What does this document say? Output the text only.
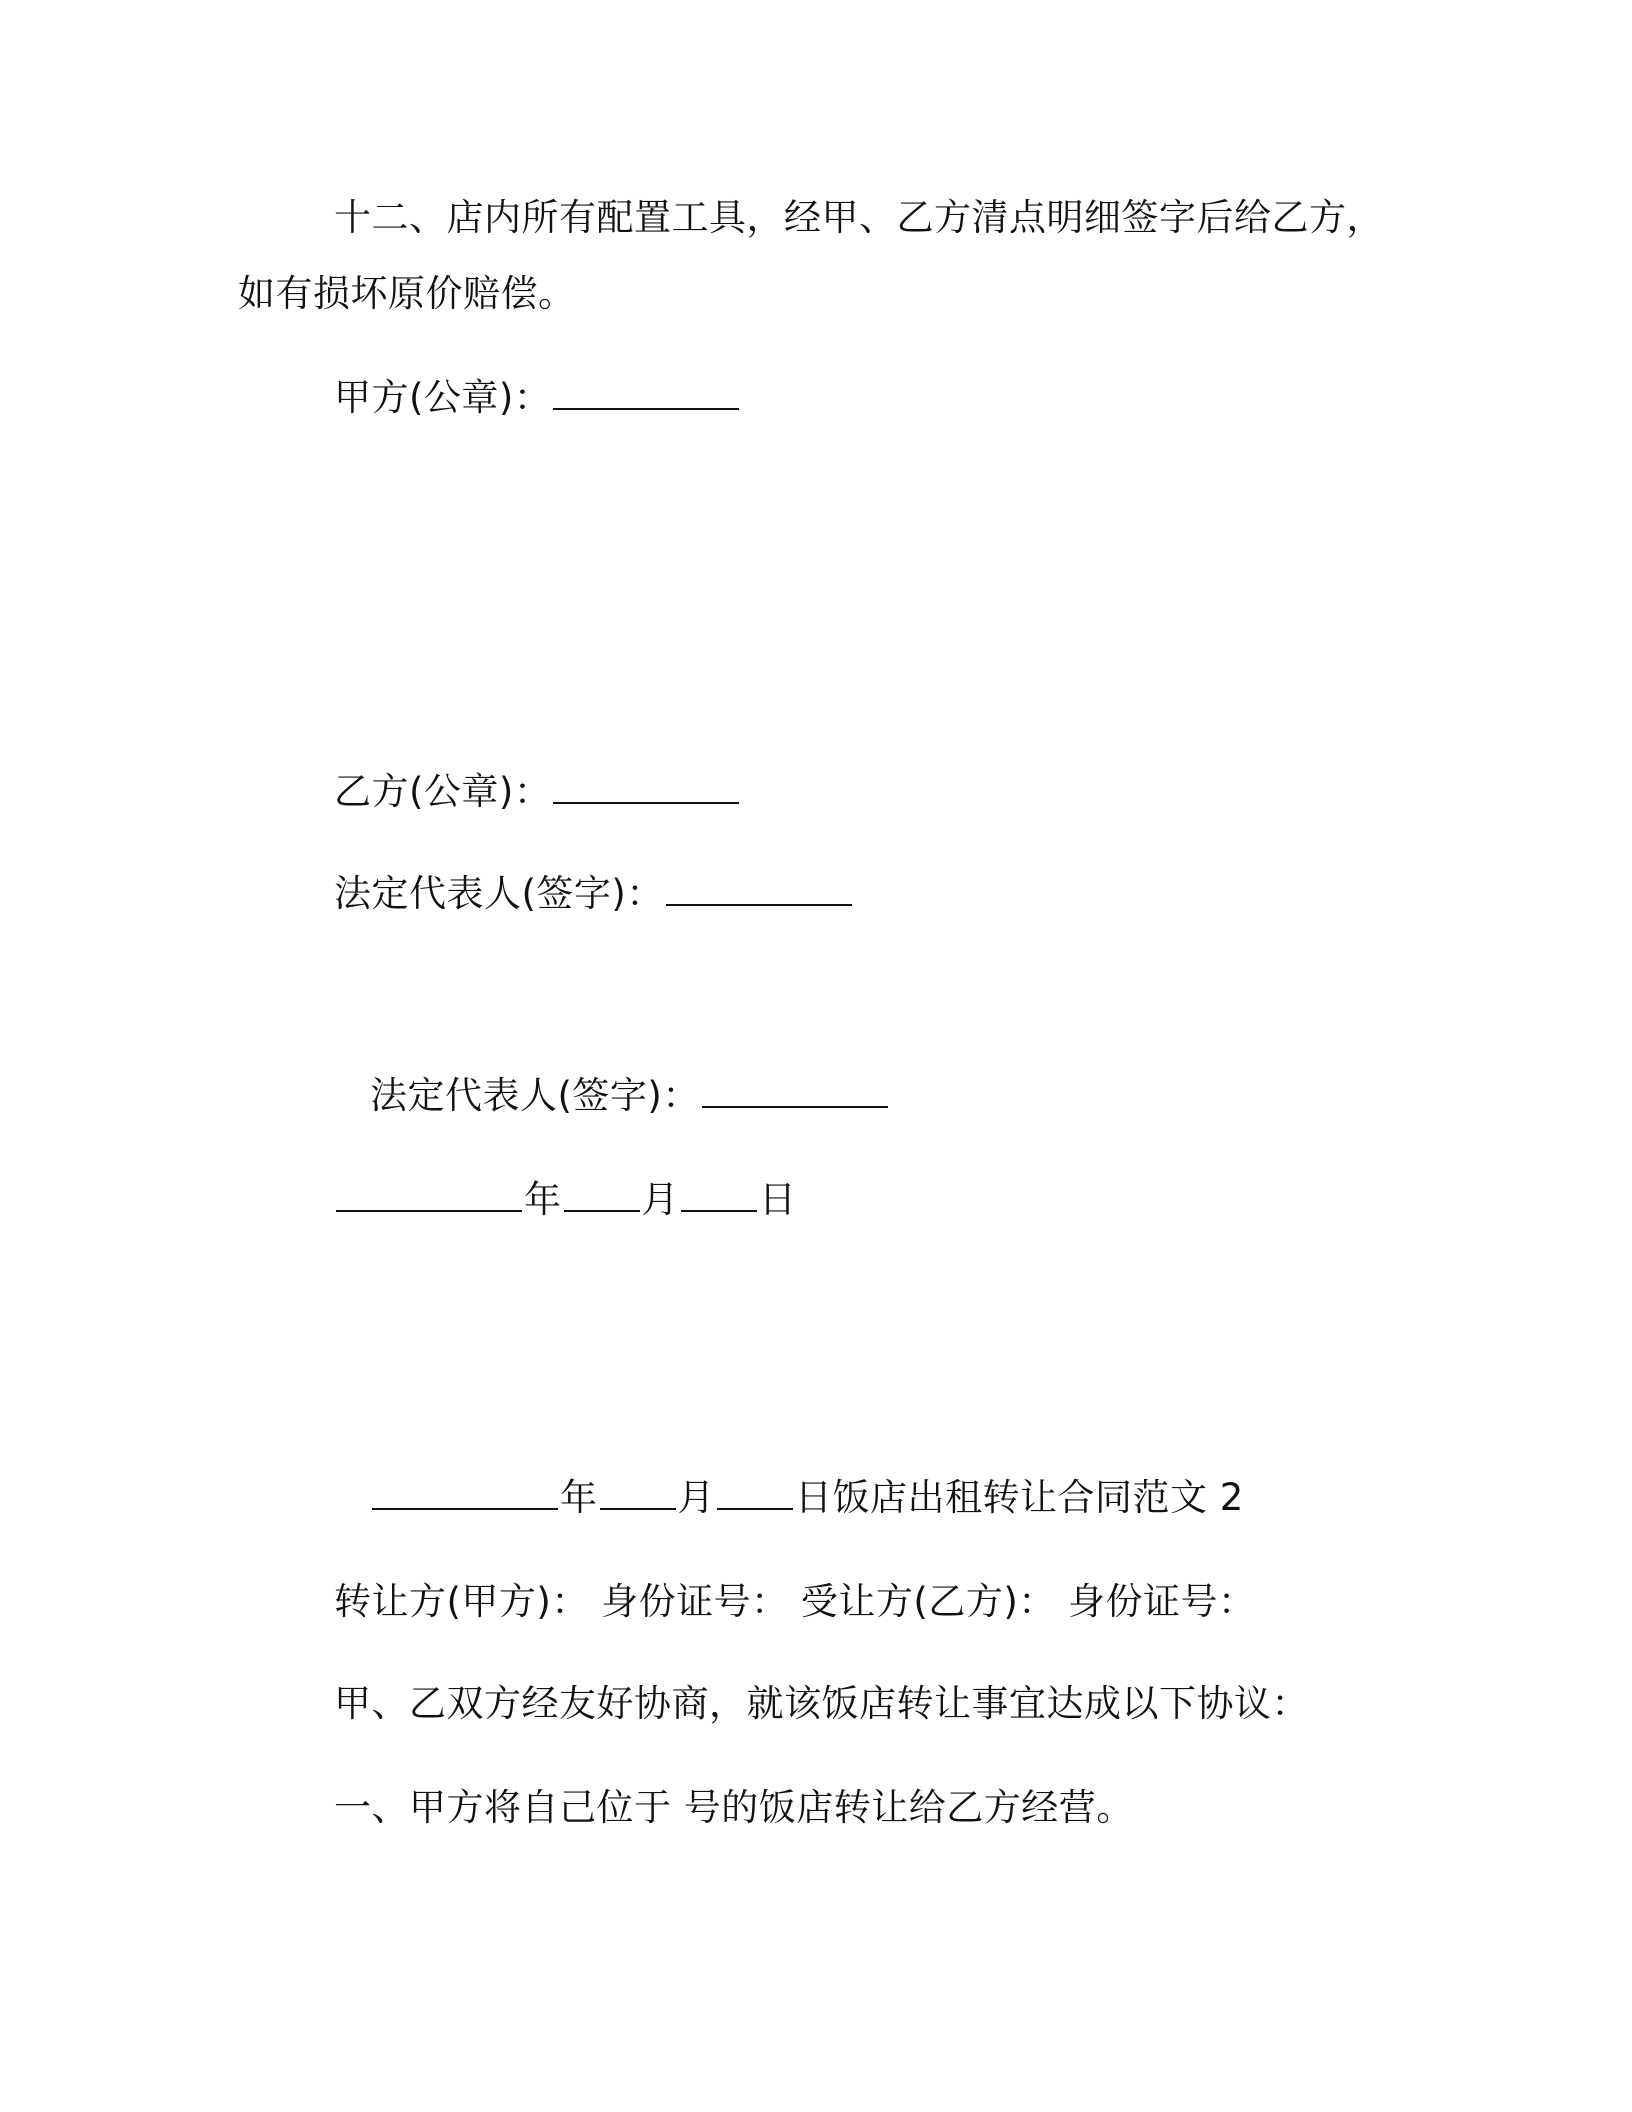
十二、店内所有配置工具，经甲、乙方清点明细签字后给乙方，
如有损坏原价赔偿。
甲方(公章)：
乙方(公章)：
法定代表人(签字)：
法定代表人(签字)：
年 月 日
年 月 日饭店出租转让合同范文 2
转让方(甲方)： 身份证号： 受让方(乙方)： 身份证号：
甲、乙双方经友好协商，就该饭店转让事宜达成以下协议：
一、甲方将自己位于 号的饭店转让给乙方经营。
